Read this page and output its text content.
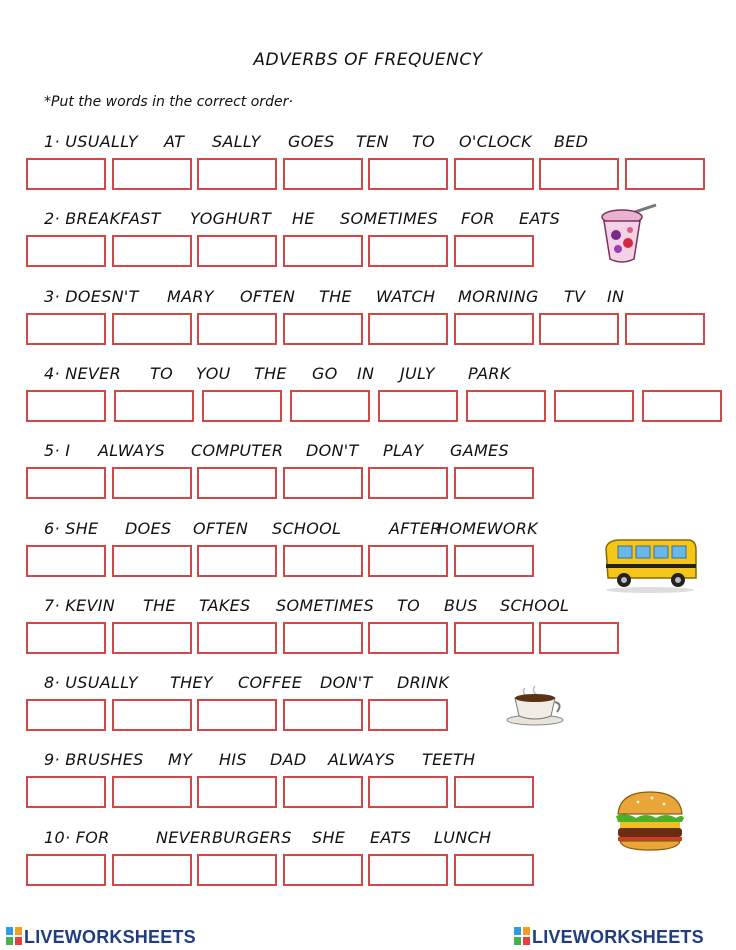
ADVERBS OF FREQUENCY
*Put the words in the correct order·
1· USUALLY AT SALLY GOES TEN TO O'CLOCK BED
2· BREAKFAST YOGHURT HE SOMETIMES FOR EATS
3· DOESN'T MARY OFTEN THE WATCH MORNING TV IN
4· NEVER TO YOU THE GO IN JULY PARK
5· I ALWAYS COMPUTER DON'T PLAY GAMES
6· SHE DOES OFTEN SCHOOL	AFTER
HOMEWORK
7· KEVIN THE TAKES SOMETIMES TO BUS SCHOOL
8· USUALLY THEY COFFEE DON'T DRINK
9· BRUSHES MY HIS DAD ALWAYS TEETH
10· FOR	NEVER BURGERS SHE EATS LUNCH
LIVEWORKSHEETS	LIVEWORKSHEETS
